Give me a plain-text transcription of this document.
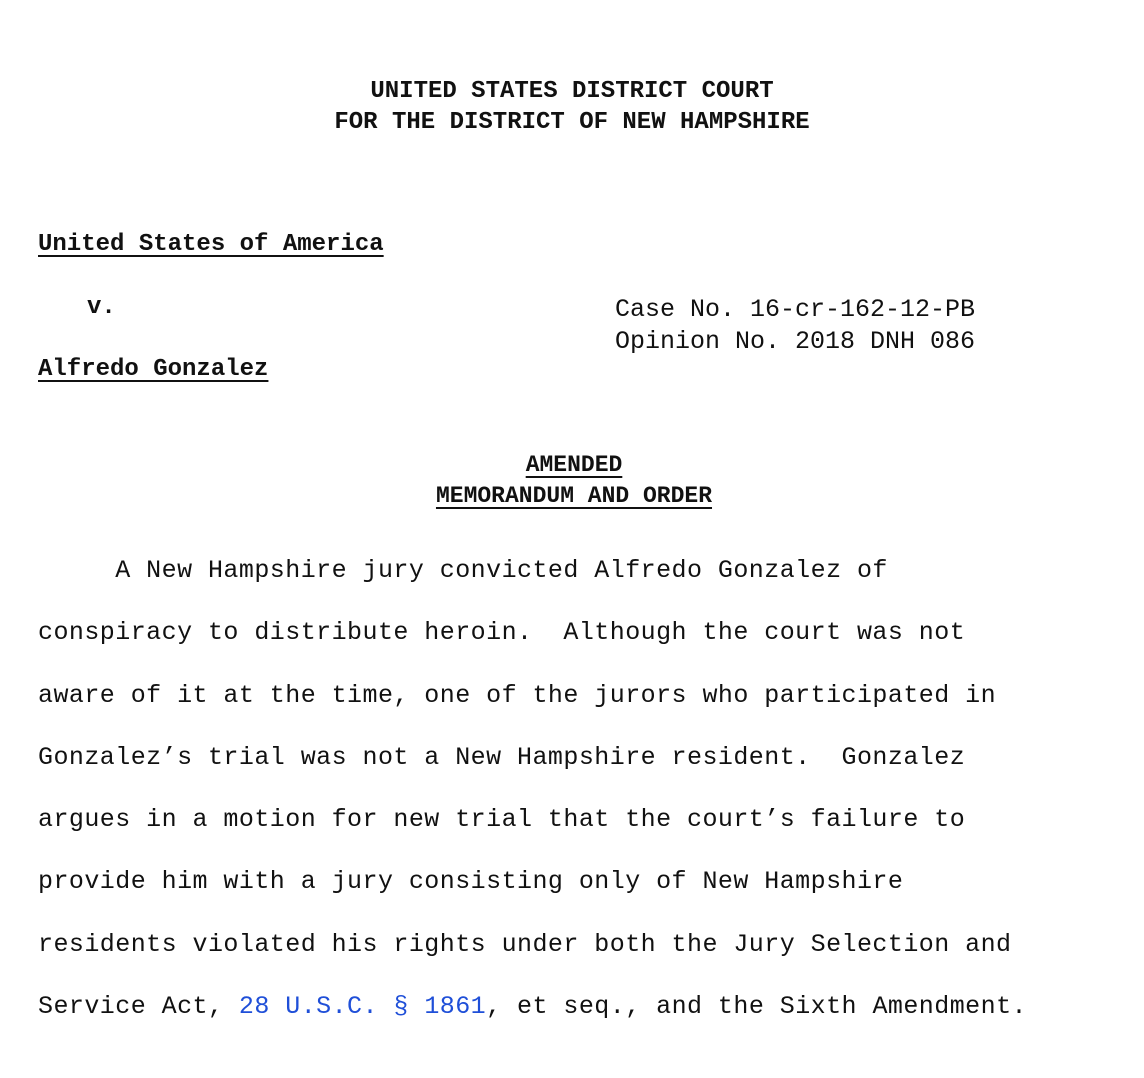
UNITED STATES DISTRICT COURT
FOR THE DISTRICT OF NEW HAMPSHIRE
United States of America
v.	Case No. 16-cr-162-12-PB
Opinion No. 2018 DNH 086
Alfredo Gonzalez
AMENDED
MEMORANDUM AND ORDER
A New Hampshire jury convicted Alfredo Gonzalez of
conspiracy to distribute heroin.  Although the court was not
aware of it at the time, one of the jurors who participated in
Gonzalez’s trial was not a New Hampshire resident.  Gonzalez
argues in a motion for new trial that the court’s failure to
provide him with a jury consisting only of New Hampshire
residents violated his rights under both the Jury Selection and
Service Act, 28 U.S.C. § 1861, et seq., and the Sixth Amendment.
